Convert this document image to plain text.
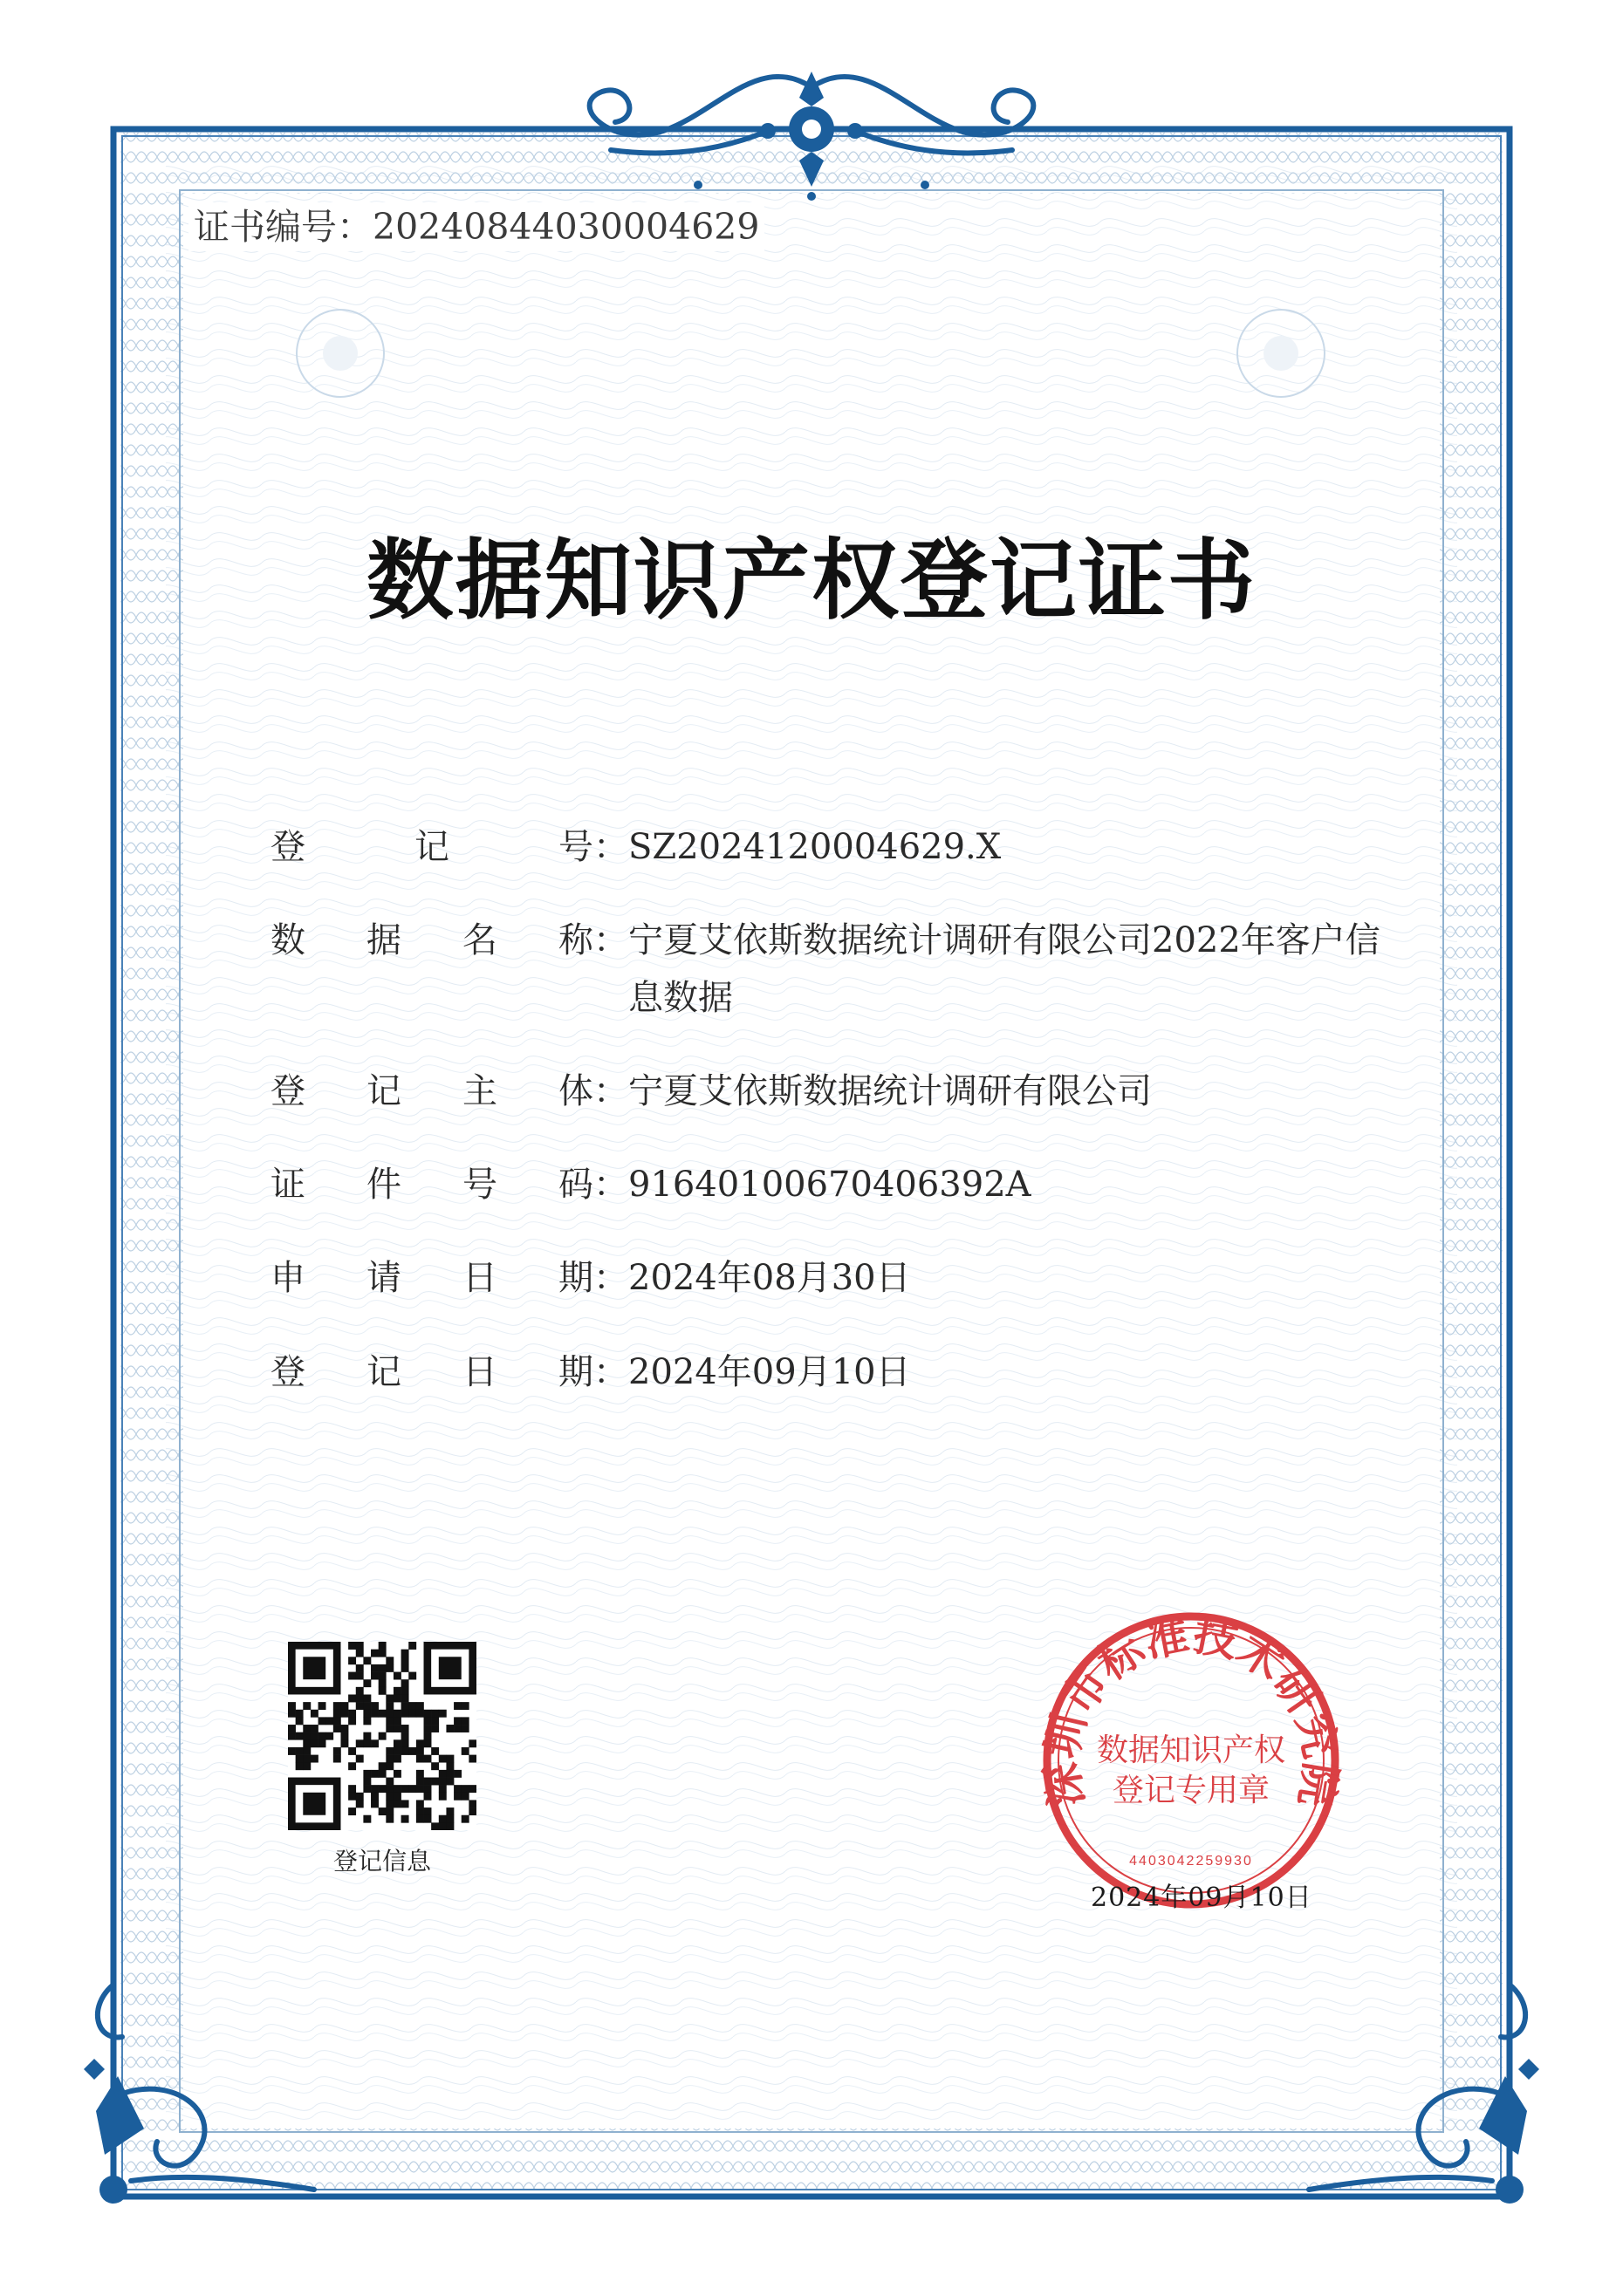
证书编号：20240844030004629
数据知识产权登记证书
登	记	号： SZ2024120004629.X
数 据 名 称： 宁夏艾依斯数据统计调研有限公司2022年客户信息数据
登 记 主 体： 宁夏艾依斯数据统计调研有限公司
证 件 号 码： 91640100670406392A
申 请 日 期： 2024年08月30日
登 记 日 期： 2024年09月10日
登记信息
深圳市标准技术研究院
数据知识产权
登记专用章
4403042259930
2024年09月10日
